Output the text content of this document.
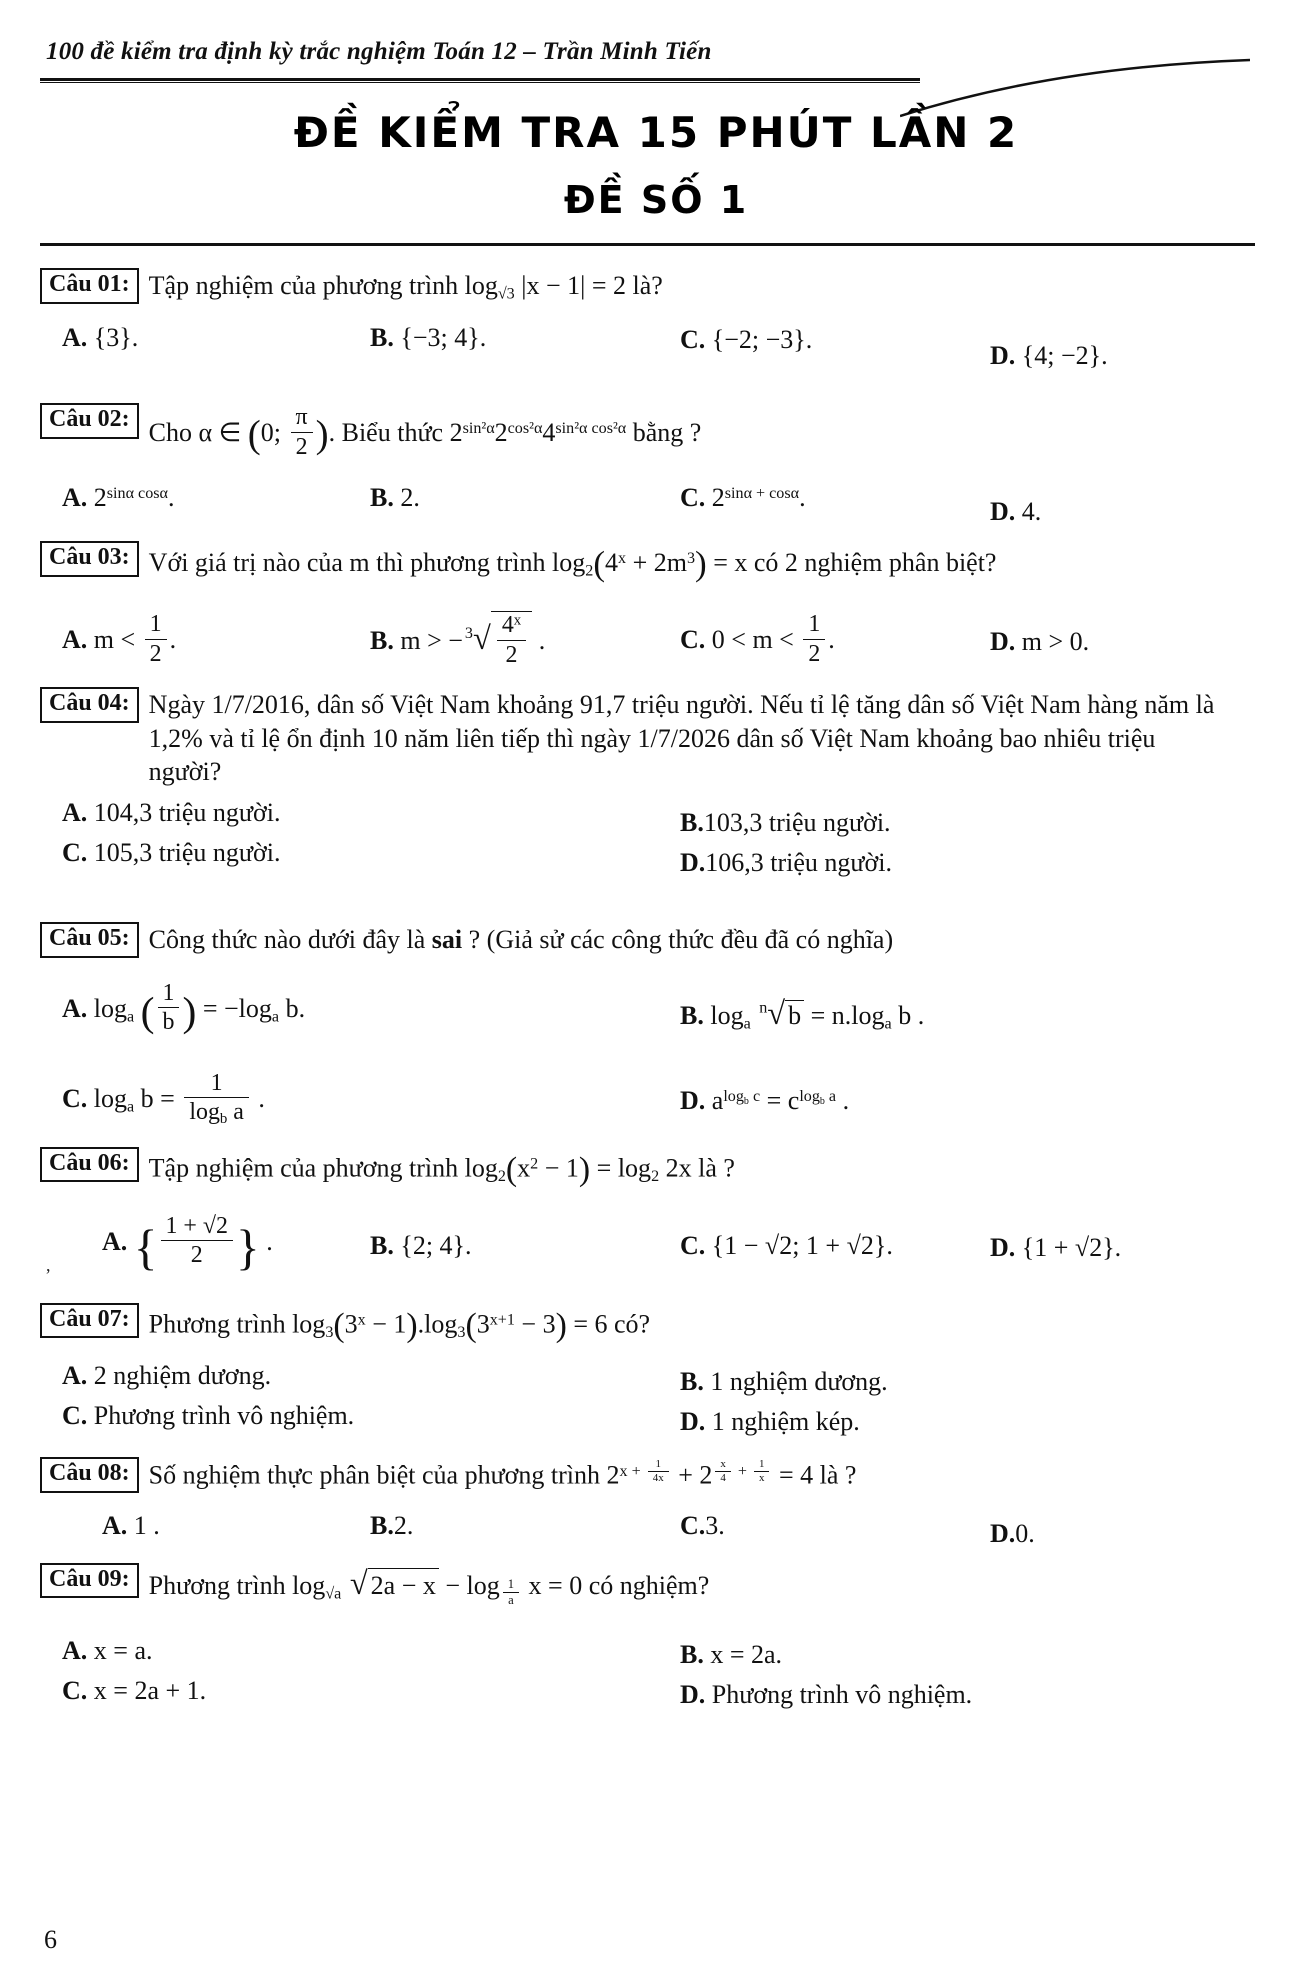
100 đề kiểm tra định kỳ trắc nghiệm Toán 12 – Trần Minh Tiến
ĐỀ KIỂM TRA 15 PHÚT LẦN 2
ĐỀ SỐ 1
Câu 01: Tập nghiệm của phương trình $\log_{√3} |x - 1| = 2$ là?
A. {3}.	B. {−3; 4}.	C. {−2; −3}.
D. {4; −2}.
Câu 02: Cho α ∈ (0; $\frac{\pi}{2}$ ). Biểu thức $2^{sin^2\alpha}2^{cos^2\alpha}4^{sin^2\alpha cos^2\alpha}$ bằng ?
A. $2^{sin\alpha cos\alpha}$.	B. 2.	C. $2^{sin\alpha + cos\alpha}$.	D. 4.
Câu 03: Với giá trị nào của m thì phương trình $\log_2(4^x + 2m^3) = x$ có 2 nghiệm phân biệt?
A. $m < \frac{1}{2}$ .	B. m > − $^3√ \frac{4^x}{2}$ .	C. $0 < m < \frac{1}{2}$ .	D. m > 0.
Câu 04: Ngày 1/7/2016, dân số Việt Nam khoảng 91,7 triệu người. Nếu tỉ lệ tăng dân số Việt Nam hàng năm là 1,2% và tỉ lệ ổn định 10 năm liên tiếp thì ngày 1/7/2026 dân số Việt Nam khoảng bao nhiêu triệu người?
A. 104,3 triệu người.	B.103,3 triệu người.
C. 105,3 triệu người.	D.106,3 triệu người.
Câu 05: Công thức nào dưới đây là sai ? (Giả sử các công thức đều đã có nghĩa)
A. $\log_a$ ( $\frac{1}{b}$ ) = $-\log_a$ b.	B. $\log_a ^n√$ $b = n.\log_a$ b .
C. $\log_a b = \frac{1}{\log_b a}$ .	D. $a^{log_b c} = c^{log_b a}$ .
Câu 06: Tập nghiệm của phương trình $\log_2(x^2 - 1) = \log_2 2x$ là ?
A. { $\frac{1 + √2}{2}$ } .	B. {2; 4}.	C. {1 − √2; 1 + √2}.	D. {1 + √2}.
,
Câu 07: Phương trình $\log_3(3^x - 1).\log_3(3^{x+1} - 3) = 6$ có?
A. 2 nghiệm dương.	B. 1 nghiệm dương.
C. Phương trình vô nghiệm.	D. 1 nghiệm kép.
Câu 08: Số nghiệm thực phân biệt của phương trình $2^{x + \frac{1}{4x}} + 2$ $^{\frac{x}{4} + \frac{1}{x}}$ = 4 là ?
A. 1 .	B.2.	C.3.	D.0.
Câu 09: Phương trình $\log_{√a}$ √ 2a − x − log $_{\frac{1}{a}}$ x = 0 có nghiệm?
A. x = a.	B. x = 2a.
C. x = 2a + 1.	D. Phương trình vô nghiệm.
6
